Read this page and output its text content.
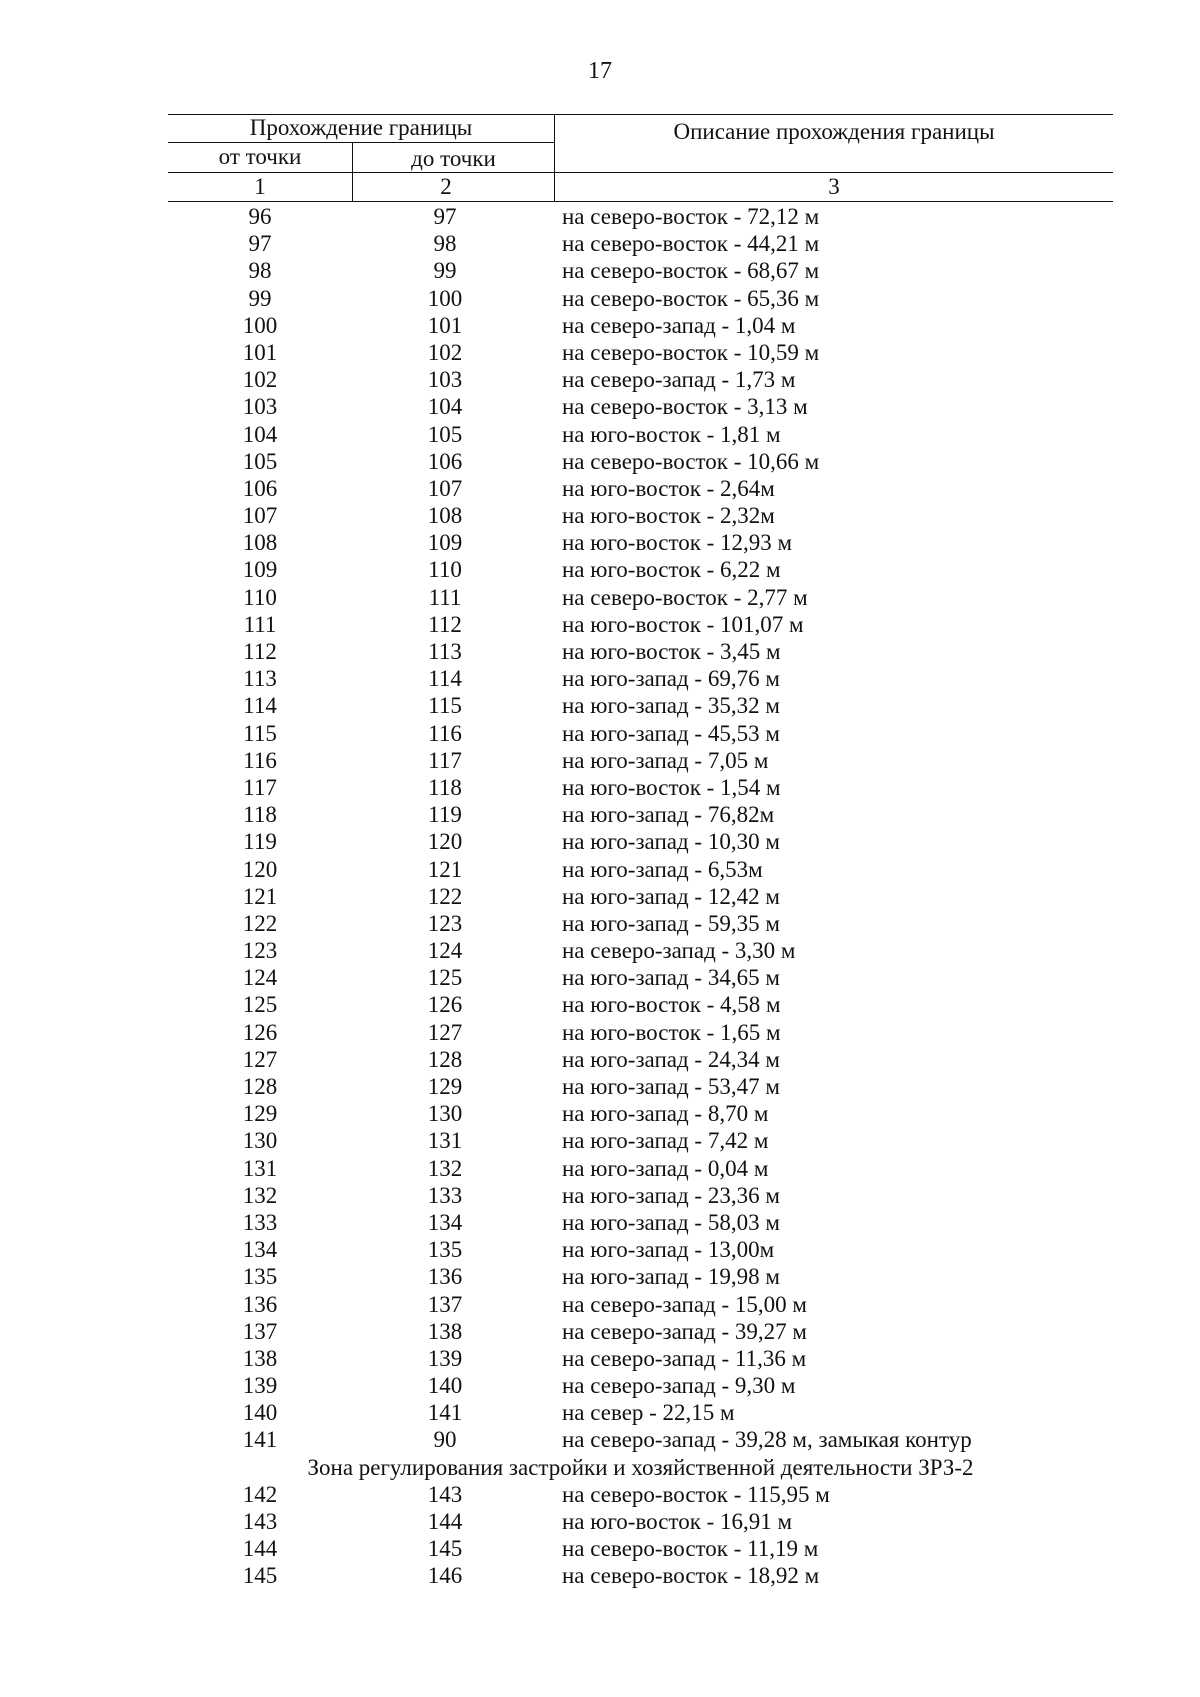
17
Прохождение границы
от точки	до точки
Описание прохождения границы
1	2	3
96	97	на северо-восток - 72,12 м
97	98	на северо-восток - 44,21 м
98	99	на северо-восток - 68,67 м
99	100	на северо-восток - 65,36 м
100	101	на северо-запад - 1,04 м
101	102	на северо-восток - 10,59 м
102	103	на северо-запад - 1,73 м
103	104	на северо-восток - 3,13 м
104	105	на юго-восток - 1,81 м
105	106	на северо-восток - 10,66 м
106	107	на юго-восток - 2,64м
107	108	на юго-восток - 2,32м
108	109	на юго-восток - 12,93 м
109	110	на юго-восток - 6,22 м
110	111	на северо-восток - 2,77 м
111	112	на юго-восток - 101,07 м
112	113	на юго-восток - 3,45 м
113	114	на юго-запад - 69,76 м
114	115	на юго-запад - 35,32 м
115	116	на юго-запад - 45,53 м
116	117	на юго-запад - 7,05 м
117	118	на юго-восток - 1,54 м
118	119	на юго-запад - 76,82м
119	120	на юго-запад - 10,30 м
120	121	на юго-запад - 6,53м
121	122	на юго-запад - 12,42 м
122	123	на юго-запад - 59,35 м
123	124	на северо-запад - 3,30 м
124	125	на юго-запад - 34,65 м
125	126	на юго-восток - 4,58 м
126	127	на юго-восток - 1,65 м
127	128	на юго-запад - 24,34 м
128	129	на юго-запад - 53,47 м
129	130	на юго-запад - 8,70 м
130	131	на юго-запад - 7,42 м
131	132	на юго-запад - 0,04 м
132	133	на юго-запад - 23,36 м
133	134	на юго-запад - 58,03 м
134	135	на юго-запад - 13,00м
135	136	на юго-запад - 19,98 м
136	137	на северо-запад - 15,00 м
137	138	на северо-запад - 39,27 м
138	139	на северо-запад - 11,36 м
139	140	на северо-запад - 9,30 м
140	141	на север - 22,15 м
141	90	на северо-запад - 39,28 м, замыкая контур
Зона регулирования застройки и хозяйственной деятельности ЗРЗ-2
142	143	на северо-восток - 115,95 м
143	144	на юго-восток - 16,91 м
144	145	на северо-восток - 11,19 м
145	146	на северо-восток - 18,92 м
